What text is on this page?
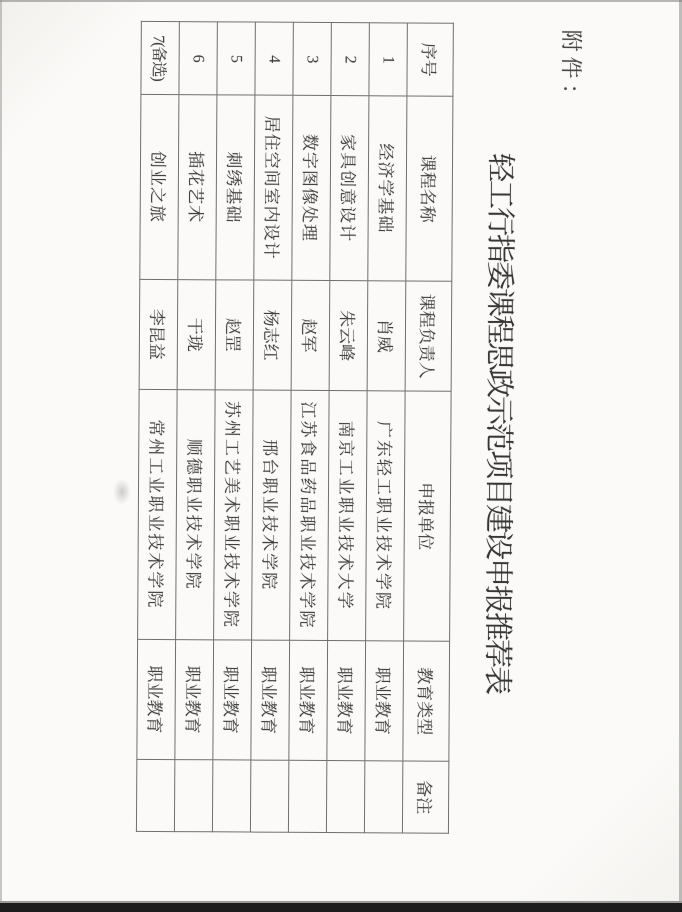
附件：
轻工行指委课程思政示范项目建设申报推荐表
序号	课程名称	课程负责人	申报单位	教育类型	备注
1	经济学基础	肖威	广东轻工职业技术学院	职业教育	
2	家具创意设计	朱云峰	南京工业职业技术大学	职业教育	
3	数字图像处理	赵军	江苏食品药品职业技术学院	职业教育	
4	居住空间室内设计	杨志红	邢台职业技术学院	职业教育	
5	刺绣基础	赵罡	苏州工艺美术职业技术学院	职业教育	
6	插花艺术	干珑	顺德职业技术学院	职业教育	
7(备选)	创业之旅	李昆益	常州工业职业技术学院	职业教育	
